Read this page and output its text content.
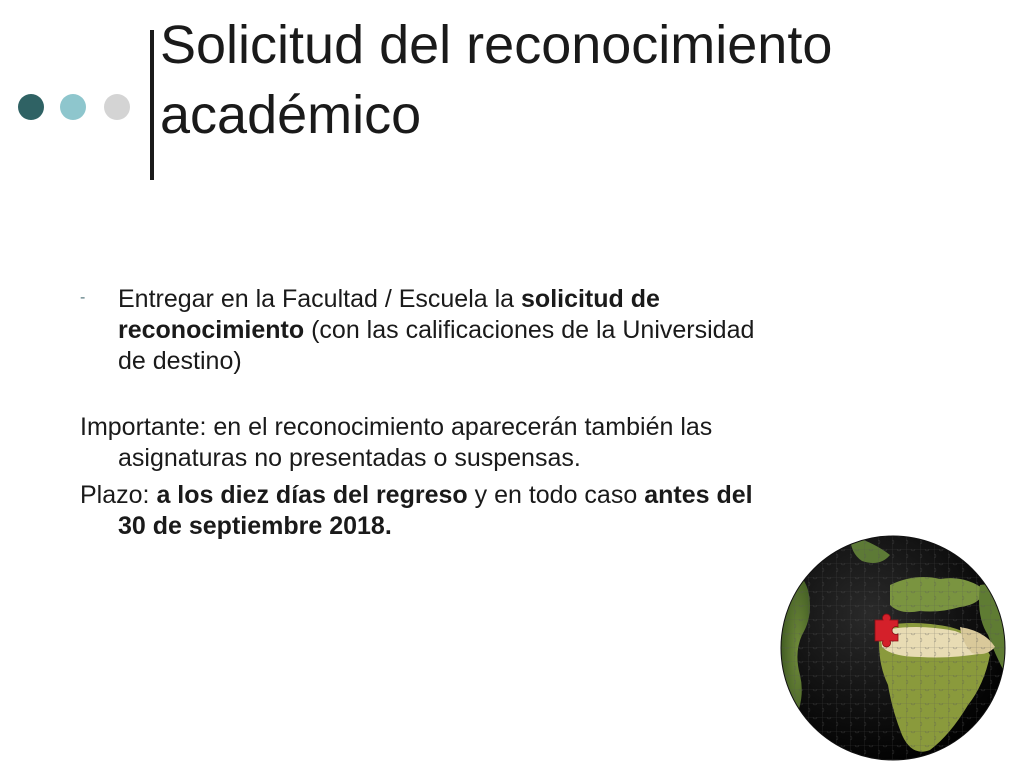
Solicitud del reconocimiento académico
- Entregar en la Facultad / Escuela la solicitud de reconocimiento (con las calificaciones de la Universidad de destino)
Importante: en el reconocimiento aparecerán también las asignaturas no presentadas o suspensas.
Plazo: a los diez días del regreso y en todo caso antes del 30 de septiembre 2018.
